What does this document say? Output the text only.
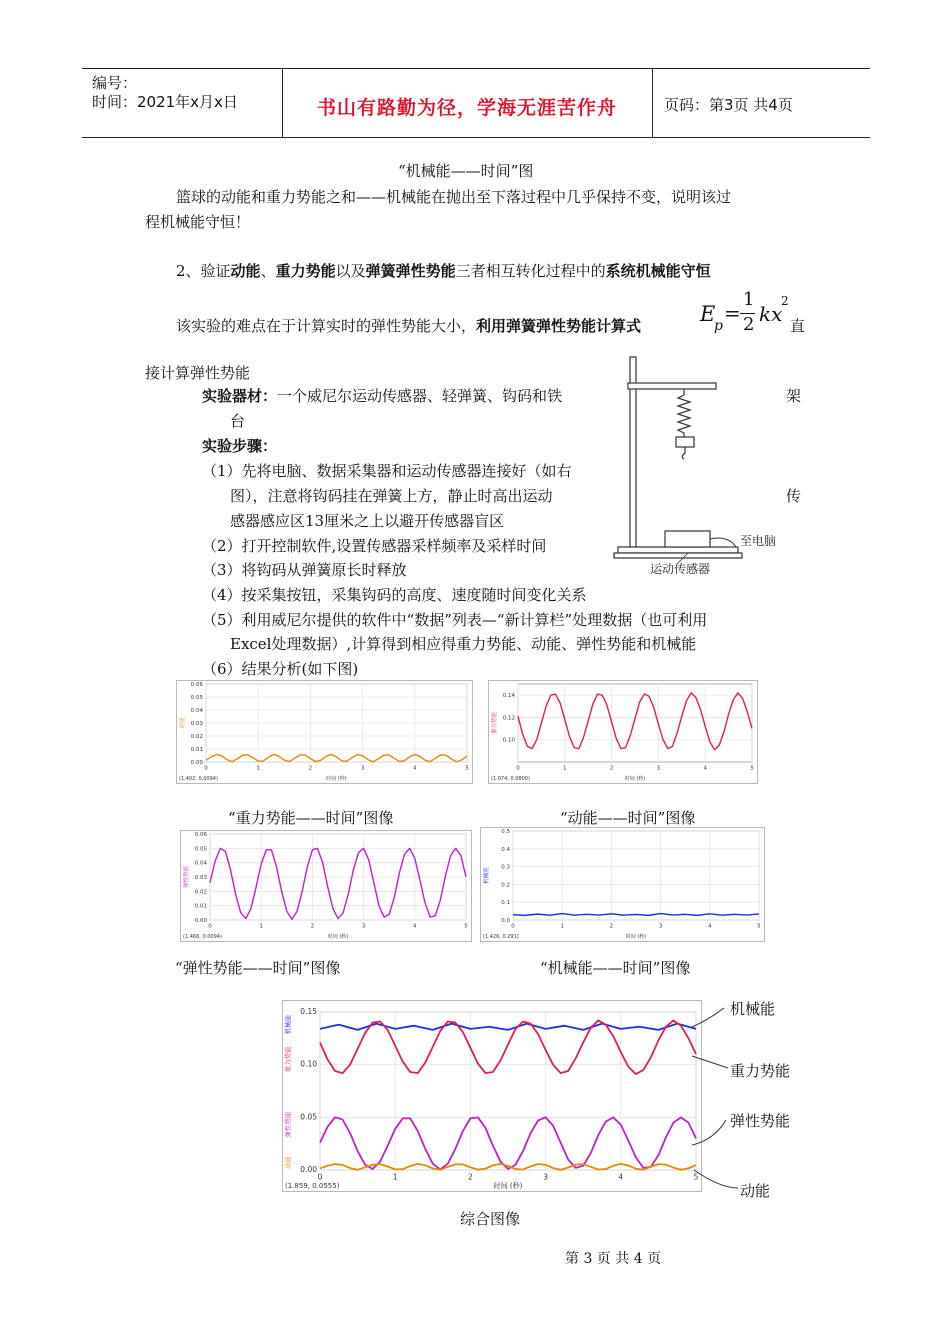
编号：
时间：2021年x月x日	书山有路勤为径，学海无涯苦作舟	页码：第3页 共4页
“机械能——时间”图
篮球的动能和重力势能之和——机械能在抛出至下落过程中几乎保持不变，说明该过
程机械能守恒！
2、验证动能、重力势能以及弹簧弹性势能三者相互转化过程中的系统机械能守恒
该实验的难点在于计算实时的弹性势能大小，利用弹簧弹性势能计算式	E
p
=
1
2 kx
2
直
接计算弹性势能
实验器材：一个威尼尔运动传感器、轻弹簧、钩码和铁	架
台
实验步骤：
（1）先将电脑、数据采集器和运动传感器连接好（如右
图），注意将钩码挂在弹簧上方，静止时高出运动	传
感器感应区13厘米之上以避开传感器盲区
（2）打开控制软件,设置传感器采样频率及采样时间
（3）将钩码从弹簧原长时释放
（4）按采集按钮，采集钩码的高度、速度随时间变化关系
（5）利用威尼尔提供的软件中“数据”列表—“新计算栏”处理数据（也可利用
Excel处理数据）,计算得到相应得重力势能、动能、弹性势能和机械能
（6）结果分析(如下图)
至电脑
运动传感器
0.00
0.01
0.02
0.03
0.04
0.05
0.06
0	1	2	3	4	5
时间 (秒)
(1.402, 0.0094)
动能
0.10
0.12
0.14
0	1	2	3	4	5
时间 (秒)
(1.074, 0.0800)
重力势能
“重力势能——时间”图像	“动能——时间”图像
0.00
0.01
0.02
0.03
0.04
0.05
0.06
0	1	2	3	4	5
时间 (秒)
(1.466, 0.0094)
弹性势能
0.0
0.1
0.2
0.3
0.4
0.5
0	1	2	3	4	5
时间 (秒)
(1.426, 0.291)
机械能
“弹性势能——时间”图像	“机械能——时间”图像
0.00
0.05
0.10
0.15
0	1	2	3	4	5
时间 (秒)
(1.859, 0.0555)
机械能
重力势能
弹性势能
动能
机械能
重力势能
弹性势能
动能
综合图像
第 3 页 共 4 页
